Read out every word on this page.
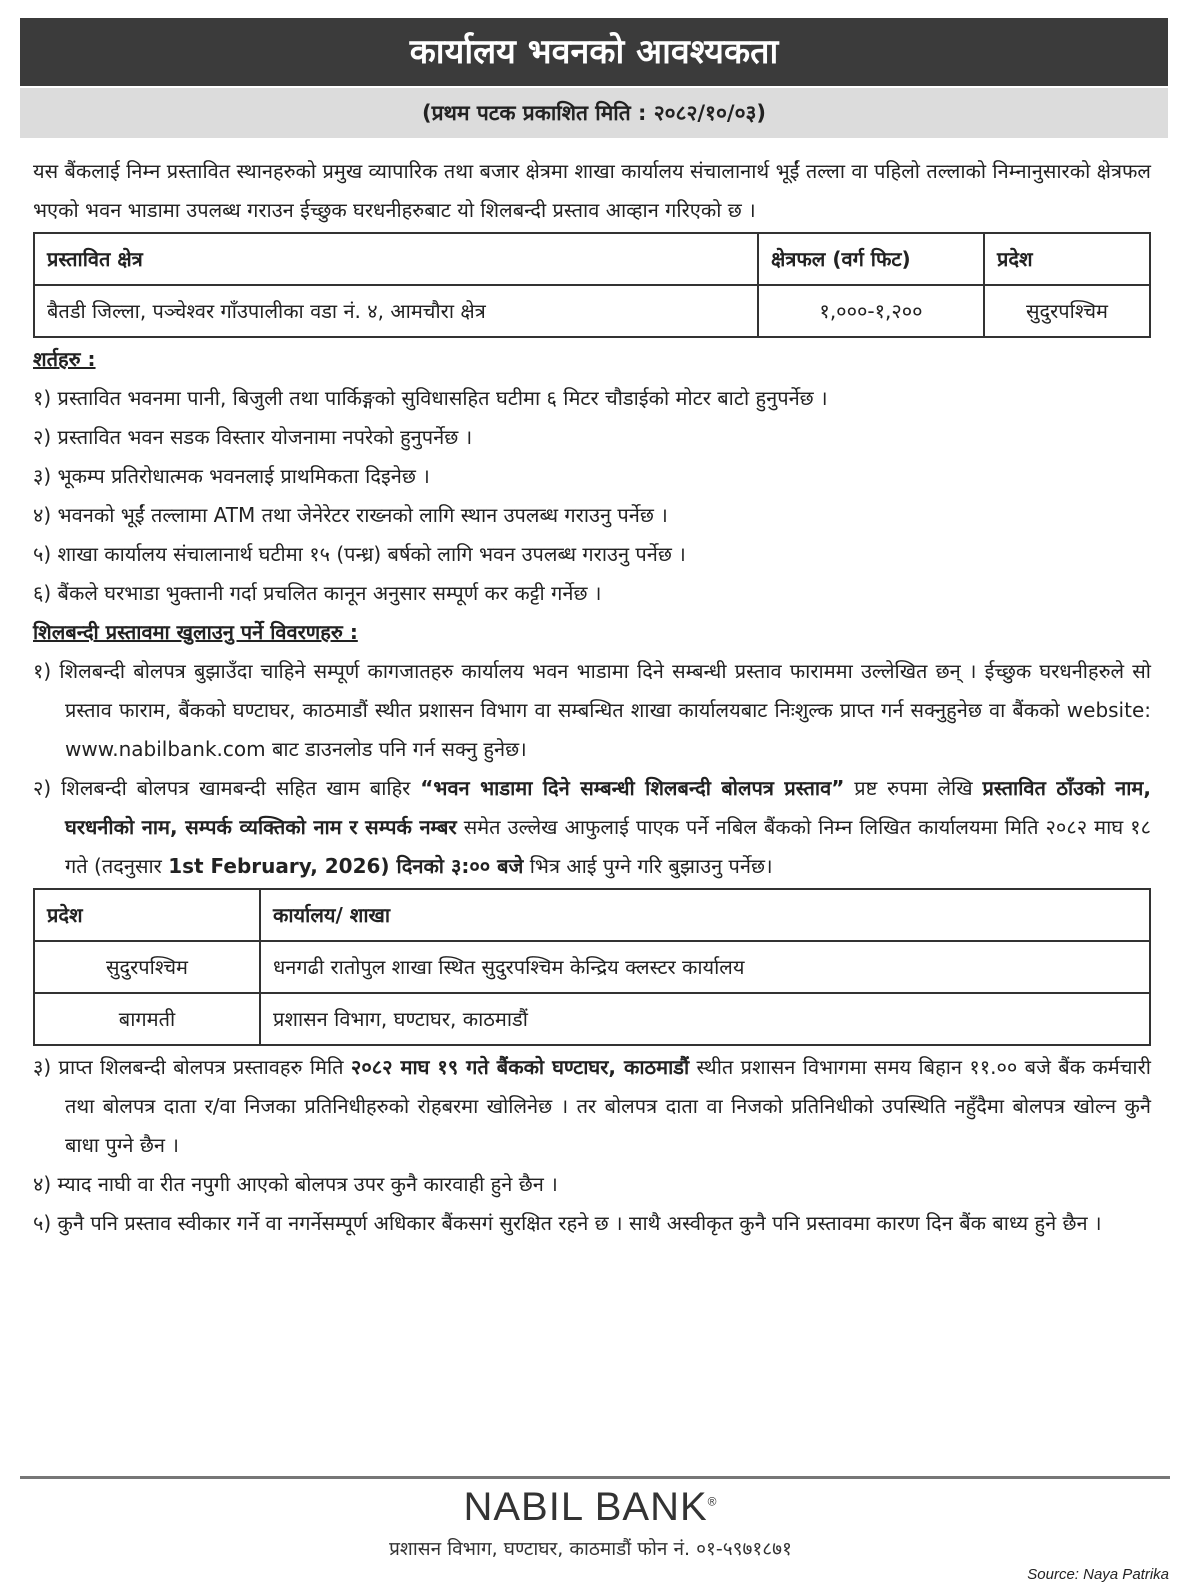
कार्यालय भवनको आवश्यकता
(प्रथम पटक प्रकाशित मिति : २०८२/१०/०३)

यस बैंकलाई निम्न प्रस्तावित स्थानहरुको प्रमुख व्यापारिक तथा बजार क्षेत्रमा शाखा कार्यालय संचालानार्थ भूईं तल्ला वा पहिलो तल्लाको निम्नानुसारको क्षेत्रफल भएको भवन भाडामा उपलब्ध गराउन ईच्छुक घरधनीहरुबाट यो शिलबन्दी प्रस्ताव आव्हान गरिएको छ ।

प्रस्तावित क्षेत्र	क्षेत्रफल (वर्ग फिट)	प्रदेश
बैतडी जिल्ला, पञ्चेश्वर गाँउपालीका वडा नं. ४, आमचौरा क्षेत्र	१,०००-१,२००	सुदुरपश्चिम

शर्तहरु :

१) प्रस्तावित भवनमा पानी, बिजुली तथा पार्किङ्गको सुविधासहित घटीमा ६ मिटर चौडाईको मोटर बाटो हुनुपर्नेछ ।

२) प्रस्तावित भवन सडक विस्तार योजनामा नपरेको हुनुपर्नेछ ।

३) भूकम्प प्रतिरोधात्मक भवनलाई प्राथमिकता दिइनेछ ।

४) भवनको भूईं तल्लामा ATM तथा जेनेरेटर राख्नको लागि स्थान उपलब्ध गराउनु पर्नेछ ।

५) शाखा कार्यालय संचालानार्थ घटीमा १५ (पन्ध्र) बर्षको लागि भवन उपलब्ध गराउनु पर्नेछ ।

६) बैंकले घरभाडा भुक्तानी गर्दा प्रचलित कानून अनुसार सम्पूर्ण कर कट्टी गर्नेछ ।

शिलबन्दी प्रस्तावमा खुलाउनु पर्ने विवरणहरु :

१) शिलबन्दी बोलपत्र बुझाउँदा चाहिने सम्पूर्ण कागजातहरु कार्यालय भवन भाडामा दिने सम्बन्धी प्रस्ताव फाराममा उल्लेखित छन् । ईच्छुक घरधनीहरुले सो प्रस्ताव फाराम, बैंकको घण्टाघर, काठमाडौं स्थीत प्रशासन विभाग वा सम्बन्धित शाखा कार्यालयबाट निःशुल्क प्राप्त गर्न सक्नुहुनेछ वा बैंकको website: www.nabilbank.com बाट डाउनलोड पनि गर्न सक्नु हुनेछ।

२) शिलबन्दी बोलपत्र खामबन्दी सहित खाम बाहिर “भवन भाडामा दिने सम्बन्धी शिलबन्दी बोलपत्र प्रस्ताव” प्रष्ट रुपमा लेखि प्रस्तावित ठाँउको नाम, घरधनीको नाम, सम्पर्क व्यक्तिको नाम र सम्पर्क नम्बर समेत उल्लेख आफुलाई पाएक पर्ने नबिल बैंकको निम्न लिखित कार्यालयमा मिति २०८२ माघ १८ गते (तदनुसार 1st February, 2026) दिनको ३:०० बजे भित्र आई पुग्ने गरि बुझाउनु पर्नेछ।

प्रदेश	कार्यालय/ शाखा
सुदुरपश्चिम	धनगढी रातोपुल शाखा स्थित सुदुरपश्चिम केन्द्रिय क्लस्टर कार्यालय
बागमती	प्रशासन विभाग, घण्टाघर, काठमाडौं

३) प्राप्त शिलबन्दी बोलपत्र प्रस्तावहरु मिति २०८२ माघ १९ गते बैंकको घण्टाघर, काठमाडौं स्थीत प्रशासन विभागमा समय बिहान ११.०० बजे बैंक कर्मचारी तथा बोलपत्र दाता र/वा निजका प्रतिनिधीहरुको रोहबरमा खोलिनेछ । तर बोलपत्र दाता वा निजको प्रतिनिधीको उपस्थिति नहुँदैमा बोलपत्र खोल्न कुनै बाधा पुग्ने छैन ।

४) म्याद नाघी वा रीत नपुगी आएको बोलपत्र उपर कुनै कारवाही हुने छैन ।

५) कुनै पनि प्रस्ताव स्वीकार गर्ने वा नगर्नेसम्पूर्ण अधिकार बैंकसगं सुरक्षित रहने छ । साथै अस्वीकृत कुनै पनि प्रस्तावमा कारण दिन बैंक बाध्य हुने छैन ।

NABIL BANK®
प्रशासन विभाग, घण्टाघर, काठमाडौं फोन नं. ०१-५९७१८७१
Source: Naya Patrika
